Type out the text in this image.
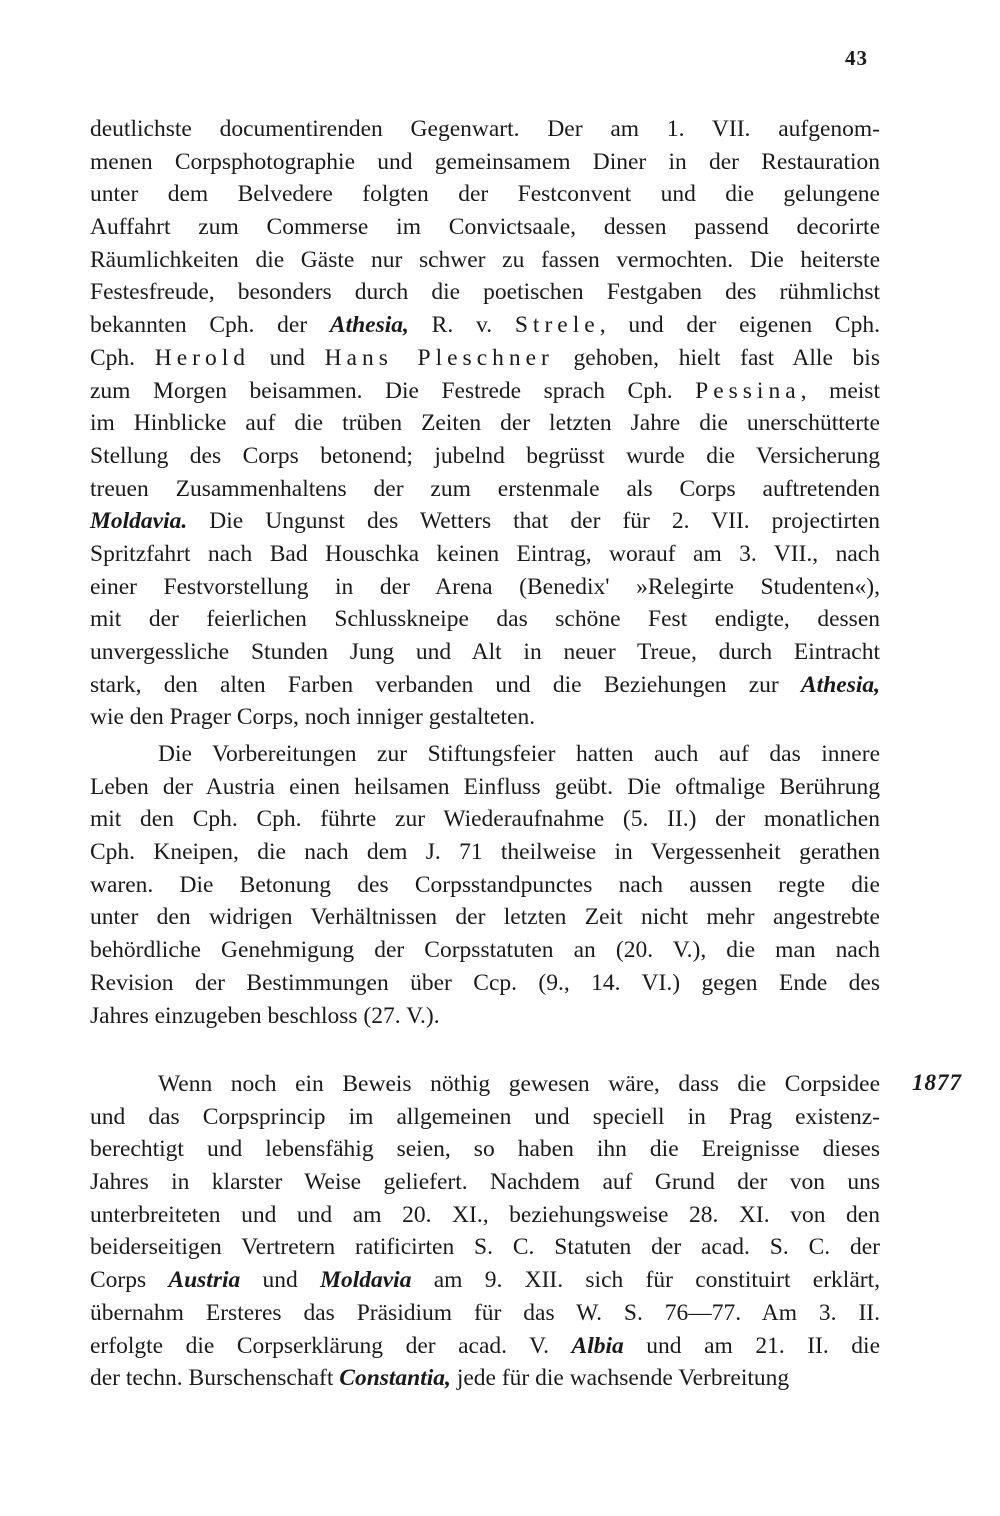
43
deutlichste documentirenden Gegenwart. Der am 1. VII. aufgenom-
menen Corpsphotographie und gemeinsamem Diner in der Restauration
unter dem Belvedere folgten der Festconvent und die gelungene
Auffahrt zum Commerse im Convictsaale, dessen passend decorirte
Räumlichkeiten die Gäste nur schwer zu fassen vermochten. Die heiterste
Festesfreude, besonders durch die poetischen Festgaben des rühmlichst
bekannten Cph. der Athesia, R. v. Strele, und der eigenen Cph.
Cph. Herold und Hans Pleschner gehoben, hielt fast Alle bis
zum Morgen beisammen. Die Festrede sprach Cph. Pessina, meist
im Hinblicke auf die trüben Zeiten der letzten Jahre die unerschütterte
Stellung des Corps betonend; jubelnd begrüsst wurde die Versicherung
treuen Zusammenhaltens der zum erstenmale als Corps auftretenden
Moldavia. Die Ungunst des Wetters that der für 2. VII. projectirten
Spritzfahrt nach Bad Houschka keinen Eintrag, worauf am 3. VII., nach
einer Festvorstellung in der Arena (Benedix' »Relegirte Studenten«),
mit der feierlichen Schlusskneipe das schöne Fest endigte, dessen
unvergessliche Stunden Jung und Alt in neuer Treue, durch Eintracht
stark, den alten Farben verbanden und die Beziehungen zur Athesia,
wie den Prager Corps, noch inniger gestalteten.
Die Vorbereitungen zur Stiftungsfeier hatten auch auf das innere
Leben der Austria einen heilsamen Einfluss geübt. Die oftmalige Berührung
mit den Cph. Cph. führte zur Wiederaufnahme (5. II.) der monatlichen
Cph. Kneipen, die nach dem J. 71 theilweise in Vergessenheit gerathen
waren. Die Betonung des Corpsstandpunctes nach aussen regte die
unter den widrigen Verhältnissen der letzten Zeit nicht mehr angestrebte
behördliche Genehmigung der Corpsstatuten an (20. V.), die man nach
Revision der Bestimmungen über Ccp. (9., 14. VI.) gegen Ende des
Jahres einzugeben beschloss (27. V.).
Wenn noch ein Beweis nöthig gewesen wäre, dass die Corpsidee
und das Corpsprincip im allgemeinen und speciell in Prag existenz-
berechtigt und lebensfähig seien, so haben ihn die Ereignisse dieses
Jahres in klarster Weise geliefert. Nachdem auf Grund der von uns
unterbreiteten und und am 20. XI., beziehungsweise 28. XI. von den
beiderseitigen Vertretern ratificirten S. C. Statuten der acad. S. C. der
Corps Austria und Moldavia am 9. XII. sich für constituirt erklärt,
übernahm Ersteres das Präsidium für das W. S. 76—77. Am 3. II.
erfolgte die Corpserklärung der acad. V. Albia und am 21. II. die
der techn. Burschenschaft Constantia, jede für die wachsende Verbreitung
1877
